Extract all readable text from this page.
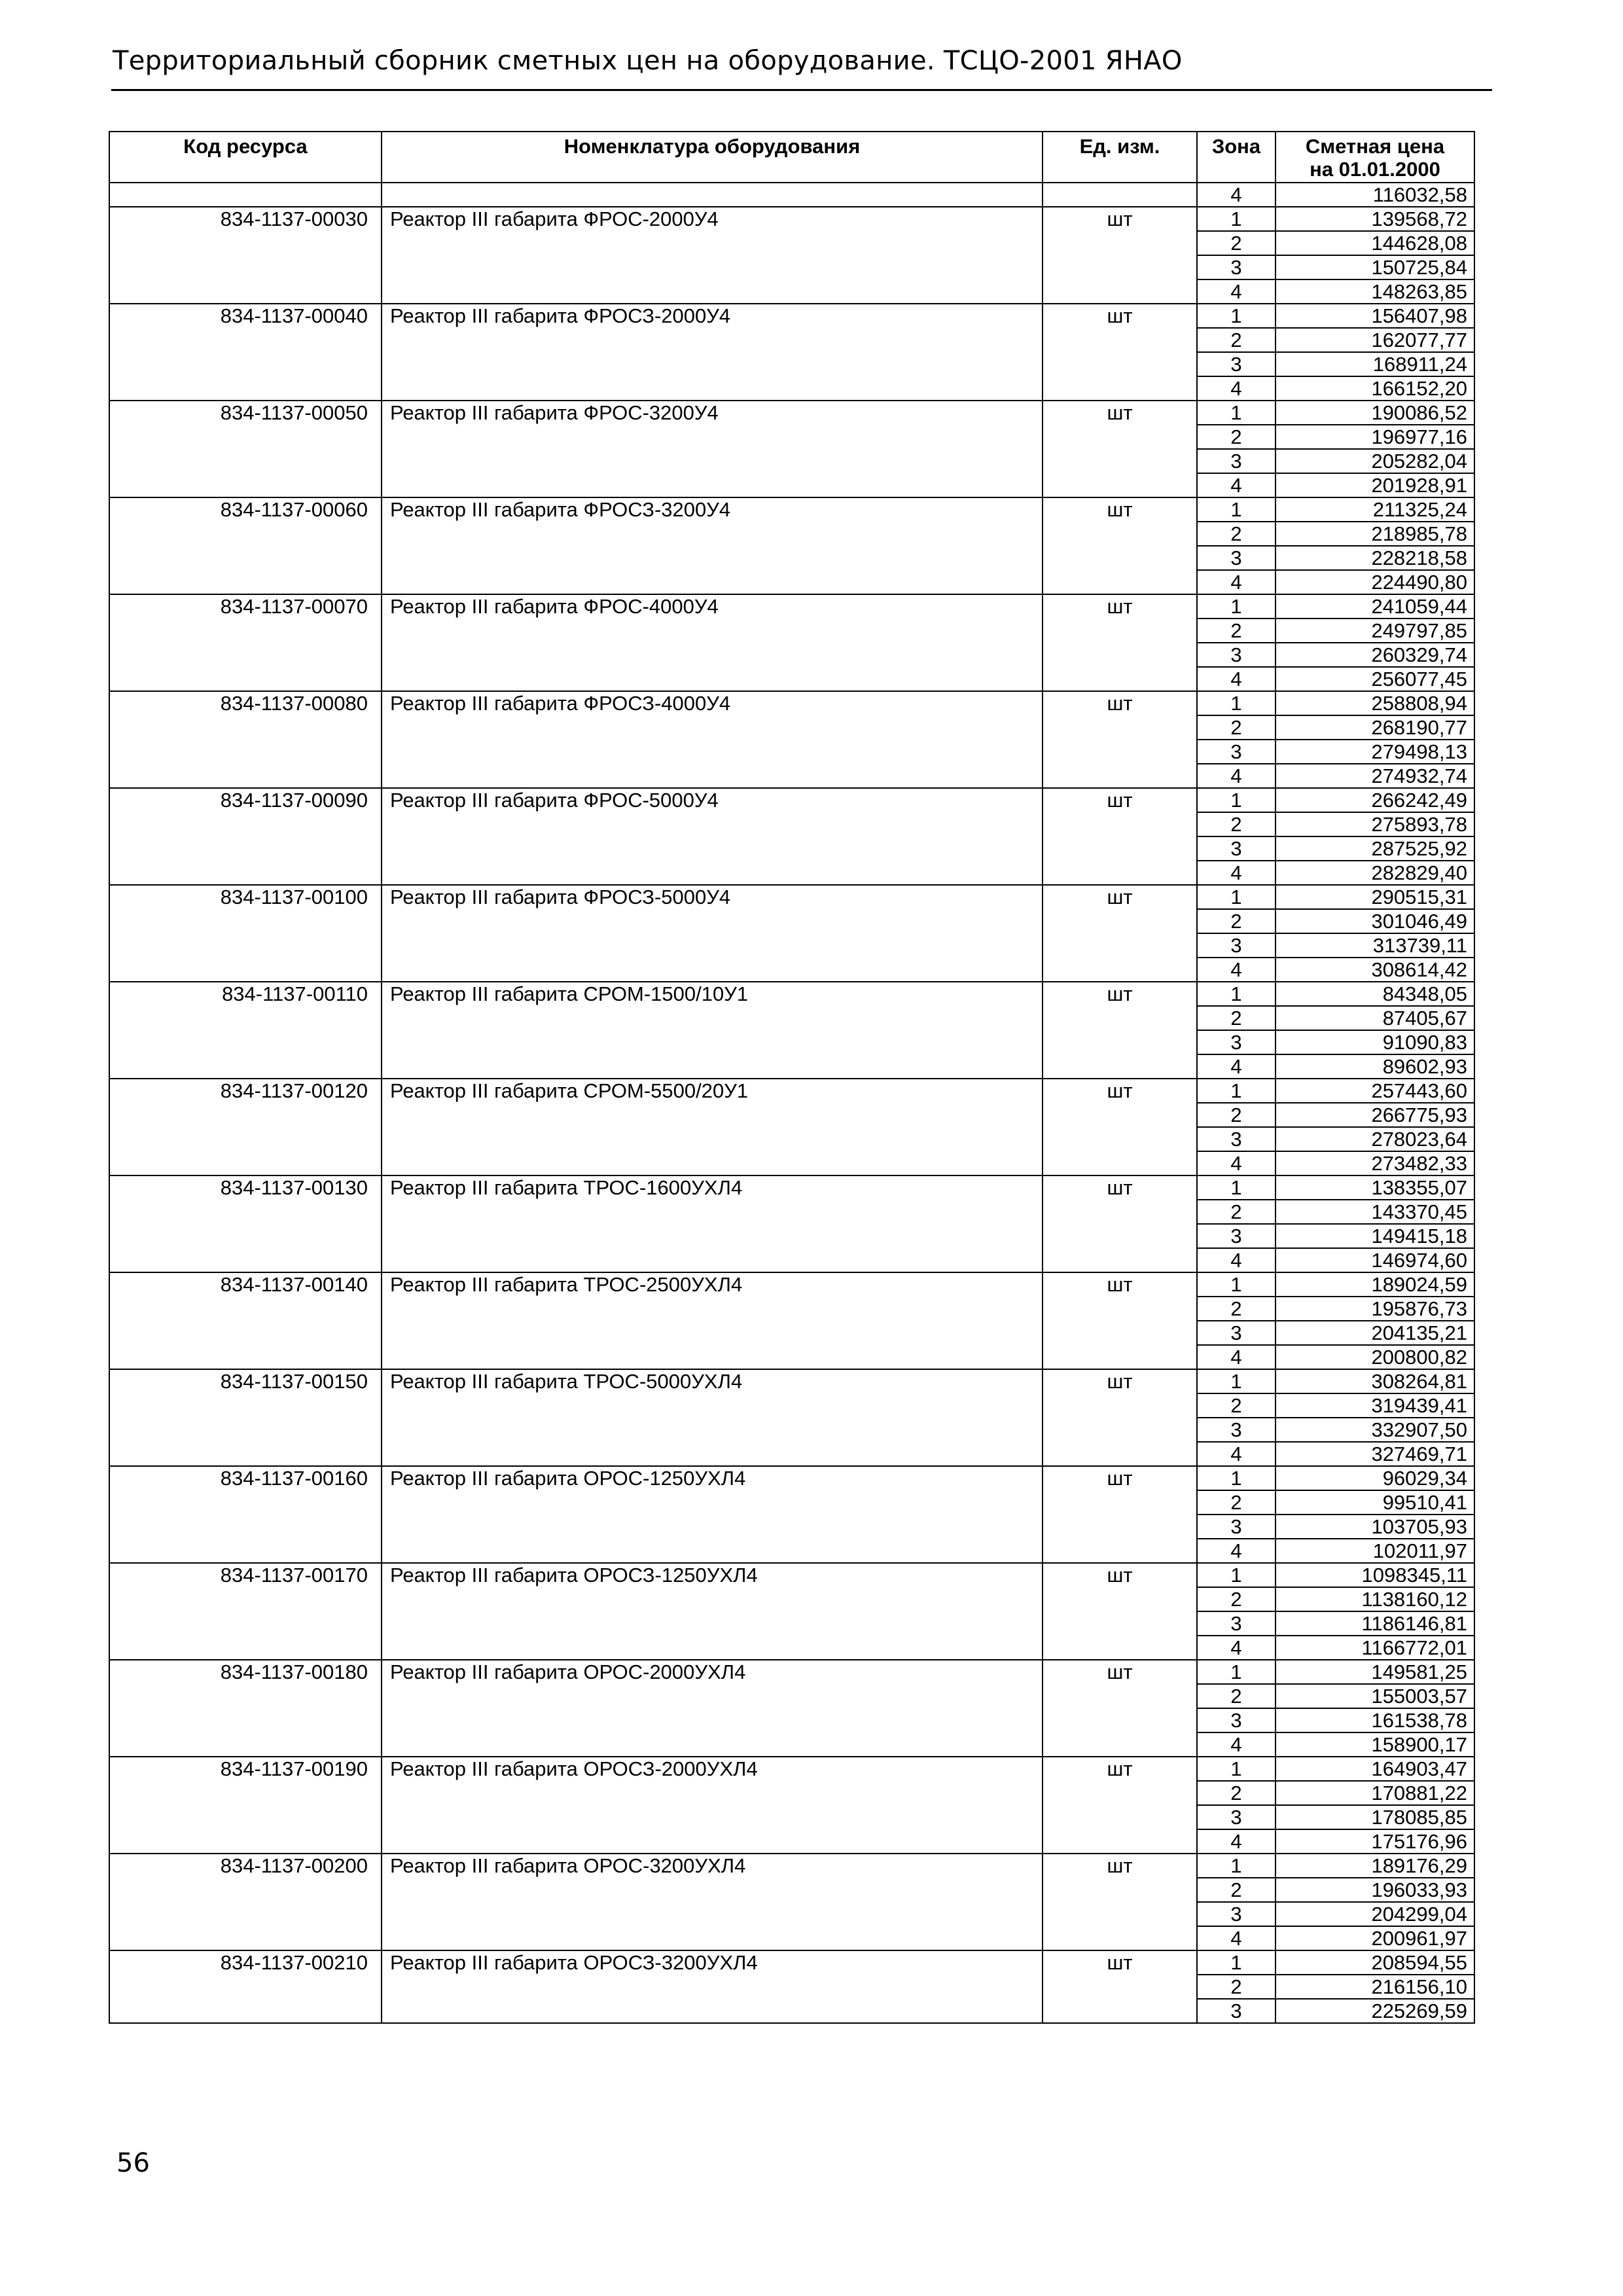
Территориальный сборник сметных цен на оборудование. ТСЦО-2001 ЯНАО
Код ресурса	Номенклатура оборудования	Ед. изм.	Зона	Сметная цена
на 01.01.2000

			4	116032,58
834-1137-00030	Реактор III габарита ФРОС-2000У4	шт	1	139568,72
			2	144628,08
			3	150725,84
			4	148263,85
834-1137-00040	Реактор III габарита ФРОСЗ-2000У4	шт	1	156407,98
			2	162077,77
			3	168911,24
			4	166152,20
834-1137-00050	Реактор III габарита ФРОС-3200У4	шт	1	190086,52
			2	196977,16
			3	205282,04
			4	201928,91
834-1137-00060	Реактор III габарита ФРОСЗ-3200У4	шт	1	211325,24
			2	218985,78
			3	228218,58
			4	224490,80
834-1137-00070	Реактор III габарита ФРОС-4000У4	шт	1	241059,44
			2	249797,85
			3	260329,74
			4	256077,45
834-1137-00080	Реактор III габарита ФРОСЗ-4000У4	шт	1	258808,94
			2	268190,77
			3	279498,13
			4	274932,74
834-1137-00090	Реактор III габарита ФРОС-5000У4	шт	1	266242,49
			2	275893,78
			3	287525,92
			4	282829,40
834-1137-00100	Реактор III габарита ФРОСЗ-5000У4	шт	1	290515,31
			2	301046,49
			3	313739,11
			4	308614,42
834-1137-00110	Реактор III габарита СРОМ-1500/10У1	шт	1	84348,05
			2	87405,67
			3	91090,83
			4	89602,93
834-1137-00120	Реактор III габарита СРОМ-5500/20У1	шт	1	257443,60
			2	266775,93
			3	278023,64
			4	273482,33
834-1137-00130	Реактор III габарита ТРОС-1600УХЛ4	шт	1	138355,07
			2	143370,45
			3	149415,18
			4	146974,60
834-1137-00140	Реактор III габарита ТРОС-2500УХЛ4	шт	1	189024,59
			2	195876,73
			3	204135,21
			4	200800,82
834-1137-00150	Реактор III габарита ТРОС-5000УХЛ4	шт	1	308264,81
			2	319439,41
			3	332907,50
			4	327469,71
834-1137-00160	Реактор III габарита ОРОС-1250УХЛ4	шт	1	96029,34
			2	99510,41
			3	103705,93
			4	102011,97
834-1137-00170	Реактор III габарита ОРОСЗ-1250УХЛ4	шт	1	1098345,11
			2	1138160,12
			3	1186146,81
			4	1166772,01
834-1137-00180	Реактор III габарита ОРОС-2000УХЛ4	шт	1	149581,25
			2	155003,57
			3	161538,78
			4	158900,17
834-1137-00190	Реактор III габарита ОРОСЗ-2000УХЛ4	шт	1	164903,47
			2	170881,22
			3	178085,85
			4	175176,96
834-1137-00200	Реактор III габарита ОРОС-3200УХЛ4	шт	1	189176,29
			2	196033,93
			3	204299,04
			4	200961,97
834-1137-00210	Реактор III габарита ОРОСЗ-3200УХЛ4	шт	1	208594,55
			2	216156,10
			3	225269,59
56
